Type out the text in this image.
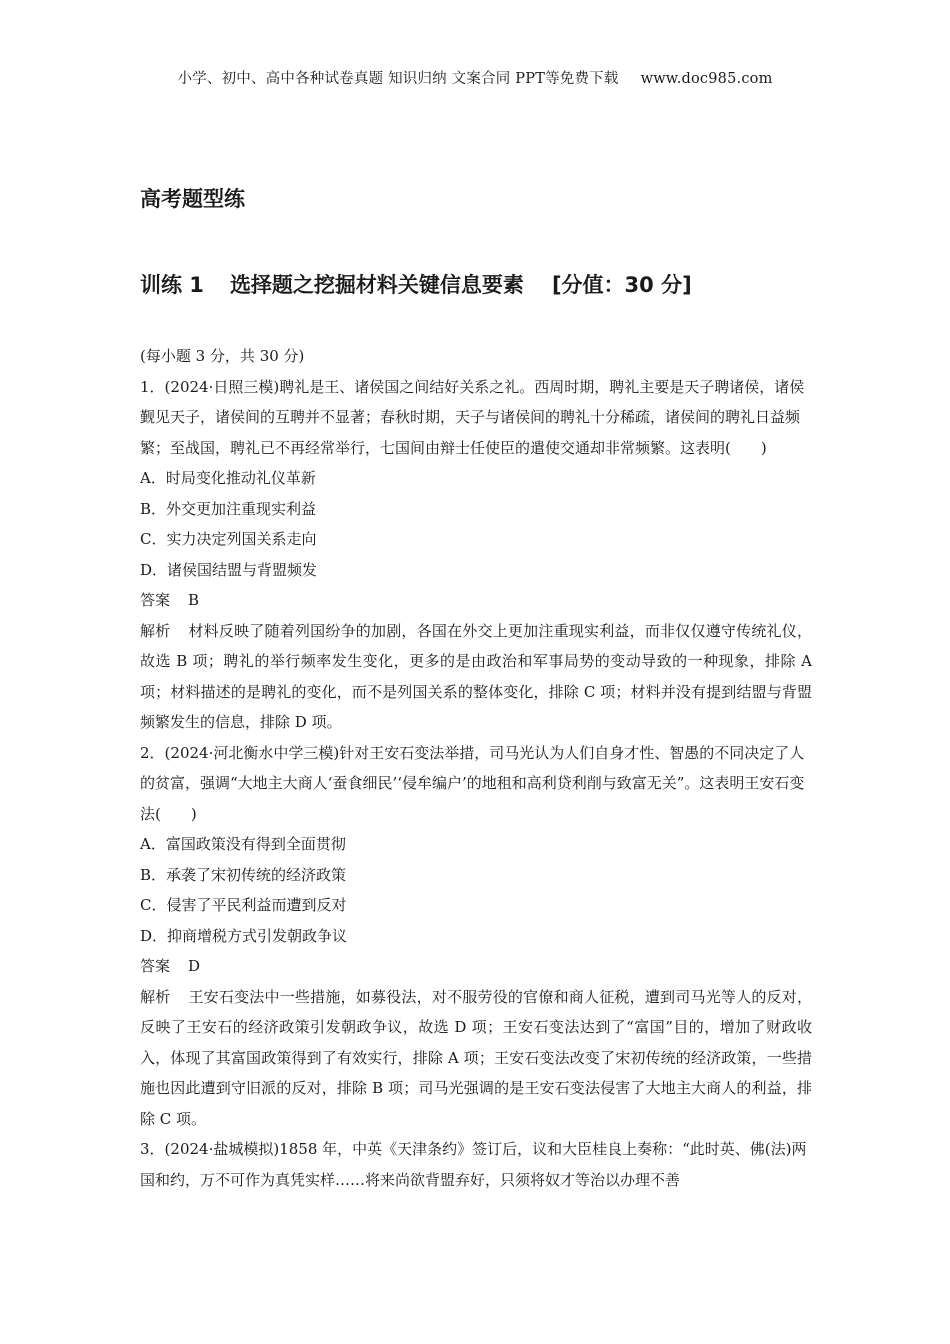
小学、初中、高中各种试卷真题 知识归纳 文案合同 PPT等免费下载 www.doc985.com
高考题型练
训练 1 选择题之挖掘材料关键信息要素 [分值：30 分]

(每小题 3 分，共 30 分)

1．(2024·日照三模)聘礼是王、诸侯国之间结好关系之礼。西周时期，聘礼主要是天子聘诸侯，诸侯觐见天子，诸侯间的互聘并不显著；春秋时期，天子与诸侯间的聘礼十分稀疏，诸侯间的聘礼日益频繁；至战国，聘礼已不再经常举行，七国间由辩士任使臣的遣使交通却非常频繁。这表明(　　)

A．时局变化推动礼仪革新

B．外交更加注重现实利益

C．实力决定列国关系走向

D．诸侯国结盟与背盟频发

答案 B

解析 材料反映了随着列国纷争的加剧，各国在外交上更加注重现实利益，而非仅仅遵守传统礼仪，故选 B 项；聘礼的举行频率发生变化，更多的是由政治和军事局势的变动导致的一种现象，排除 A 项；材料描述的是聘礼的变化，而不是列国关系的整体变化，排除 C 项；材料并没有提到结盟与背盟频繁发生的信息，排除 D 项。

2．(2024·河北衡水中学三模)针对王安石变法举措，司马光认为人们自身才性、智愚的不同决定了人的贫富，强调“大地主大商人‘蚕食细民’‘侵牟编户’的地租和高利贷利削与致富无关”。这表明王安石变法(　　)

A．富国政策没有得到全面贯彻

B．承袭了宋初传统的经济政策

C．侵害了平民利益而遭到反对

D．抑商增税方式引发朝政争议

答案 D

解析 王安石变法中一些措施，如募役法，对不服劳役的官僚和商人征税，遭到司马光等人的反对，反映了王安石的经济政策引发朝政争议，故选 D 项；王安石变法达到了“富国”目的，增加了财政收入，体现了其富国政策得到了有效实行，排除 A 项；王安石变法改变了宋初传统的经济政策，一些措施也因此遭到守旧派的反对，排除 B 项；司马光强调的是王安石变法侵害了大地主大商人的利益，排除 C 项。

3．(2024·盐城模拟)1858 年，中英《天津条约》签订后，议和大臣桂良上奏称：“此时英、佛(法)两国和约，万不可作为真凭实样……将来尚欲背盟弃好，只须将奴才等治以办理不善
